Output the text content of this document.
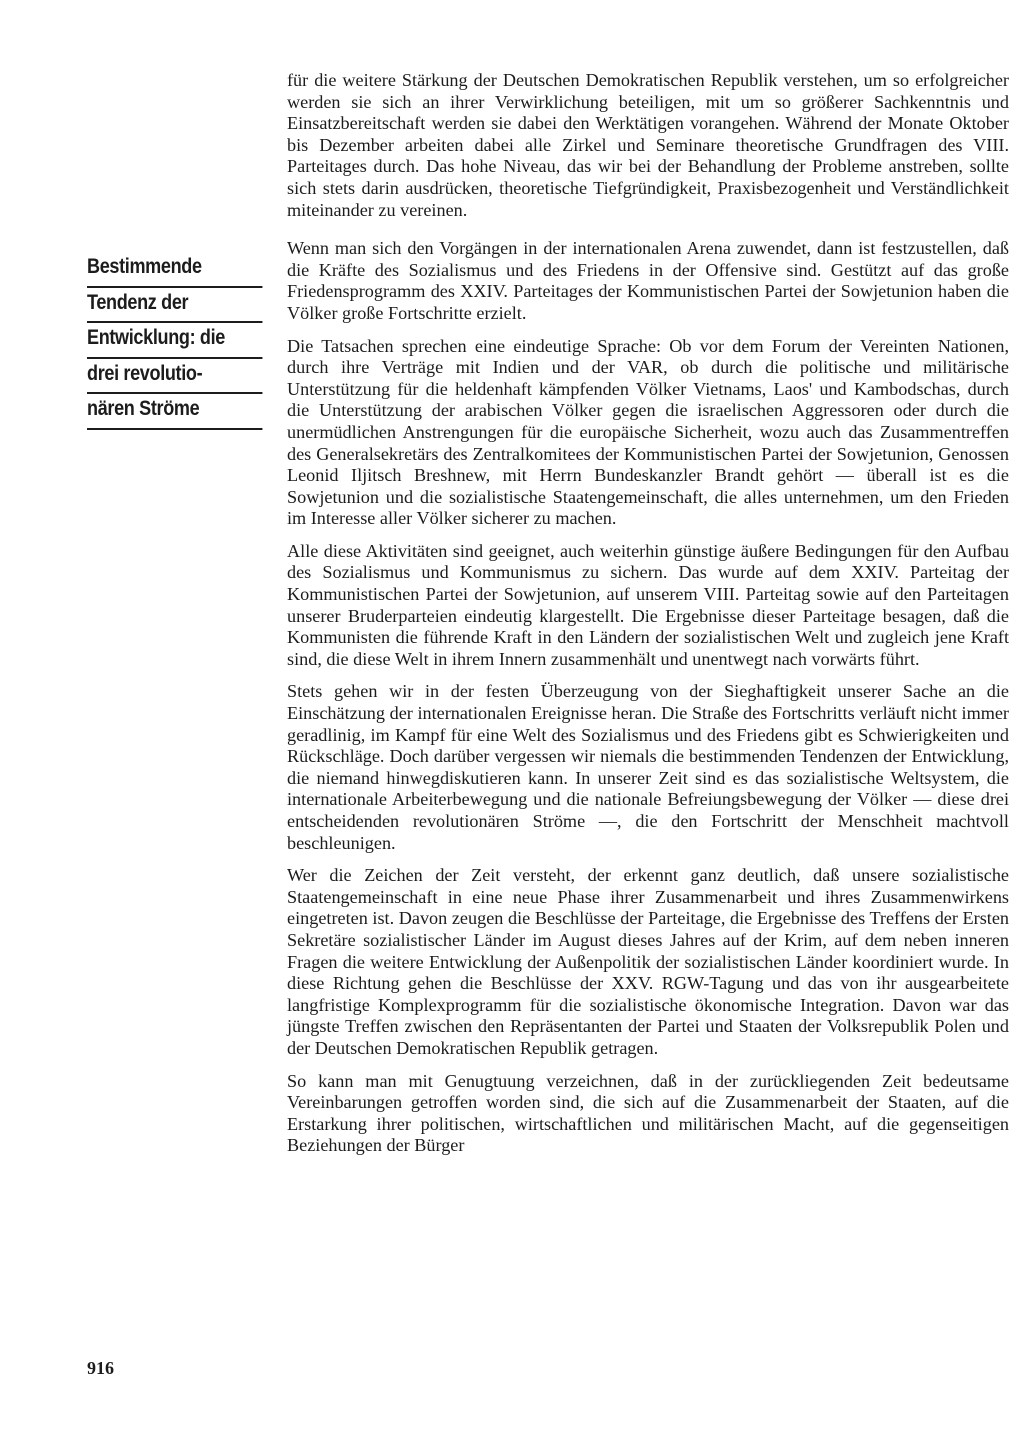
Bestimmende
Tendenz der
Entwicklung: die
drei revolutio-
nären Ströme

für die weitere Stärkung der Deutschen Demokratischen Republik verstehen, um so erfolgreicher werden sie sich an ihrer Verwirklichung beteiligen, mit um so größerer Sachkenntnis und Einsatzbereitschaft werden sie dabei den Werktätigen vorangehen. Während der Monate Oktober bis Dezember arbeiten dabei alle Zirkel und Seminare theoretische Grundfragen des VIII. Parteitages durch. Das hohe Niveau, das wir bei der Behandlung der Probleme anstreben, sollte sich stets darin ausdrücken, theoretische Tiefgründigkeit, Praxisbezogenheit und Verständlichkeit miteinander zu vereinen.

Wenn man sich den Vorgängen in der internationalen Arena zuwendet, dann ist festzustellen, daß die Kräfte des Sozialismus und des Friedens in der Offensive sind. Gestützt auf das große Friedensprogramm des XXIV. Parteitages der Kommunistischen Partei der Sowjetunion haben die Völker große Fortschritte erzielt.

Die Tatsachen sprechen eine eindeutige Sprache: Ob vor dem Forum der Vereinten Nationen, durch ihre Verträge mit Indien und der VAR, ob durch die politische und militärische Unterstützung für die heldenhaft kämpfenden Völker Vietnams, Laos' und Kambodschas, durch die Unterstützung der arabischen Völker gegen die israelischen Aggressoren oder durch die unermüdlichen Anstrengungen für die europäische Sicherheit, wozu auch das Zusammentreffen des Generalsekretärs des Zentralkomitees der Kommunistischen Partei der Sowjetunion, Genossen Leonid Iljitsch Breshnew, mit Herrn Bundeskanzler Brandt gehört — überall ist es die Sowjetunion und die sozialistische Staatengemeinschaft, die alles unternehmen, um den Frieden im Interesse aller Völker sicherer zu machen.

Alle diese Aktivitäten sind geeignet, auch weiterhin günstige äußere Bedingungen für den Aufbau des Sozialismus und Kommunismus zu sichern. Das wurde auf dem XXIV. Parteitag der Kommunistischen Partei der Sowjetunion, auf unserem VIII. Parteitag sowie auf den Parteitagen unserer Bruderparteien eindeutig klargestellt. Die Ergebnisse dieser Parteitage besagen, daß die Kommunisten die führende Kraft in den Ländern der sozialistischen Welt und zugleich jene Kraft sind, die diese Welt in ihrem Innern zusammenhält und unentwegt nach vorwärts führt.

Stets gehen wir in der festen Überzeugung von der Sieghaftigkeit unserer Sache an die Einschätzung der internationalen Ereignisse heran. Die Straße des Fortschritts verläuft nicht immer geradlinig, im Kampf für eine Welt des Sozialismus und des Friedens gibt es Schwierigkeiten und Rückschläge. Doch darüber vergessen wir niemals die bestimmenden Tendenzen der Entwicklung, die niemand hinwegdiskutieren kann. In unserer Zeit sind es das sozialistische Weltsystem, die internationale Arbeiterbewegung und die nationale Befreiungsbewegung der Völker — diese drei entscheidenden revolutionären Ströme —, die den Fortschritt der Menschheit machtvoll beschleunigen.

Wer die Zeichen der Zeit versteht, der erkennt ganz deutlich, daß unsere sozialistische Staatengemeinschaft in eine neue Phase ihrer Zusammenarbeit und ihres Zusammenwirkens eingetreten ist. Davon zeugen die Beschlüsse der Parteitage, die Ergebnisse des Treffens der Ersten Sekretäre sozialistischer Länder im August dieses Jahres auf der Krim, auf dem neben inneren Fragen die weitere Entwicklung der Außenpolitik der sozialistischen Länder koordiniert wurde. In diese Richtung gehen die Beschlüsse der XXV. RGW-Tagung und das von ihr ausgearbeitete langfristige Komplexprogramm für die sozialistische ökonomische Integration. Davon war das jüngste Treffen zwischen den Repräsentanten der Partei und Staaten der Volksrepublik Polen und der Deutschen Demokratischen Republik getragen.

So kann man mit Genugtuung verzeichnen, daß in der zurückliegenden Zeit bedeutsame Vereinbarungen getroffen worden sind, die sich auf die Zusammenarbeit der Staaten, auf die Erstarkung ihrer politischen, wirtschaftlichen und militärischen Macht, auf die gegenseitigen Beziehungen der Bürger

916
